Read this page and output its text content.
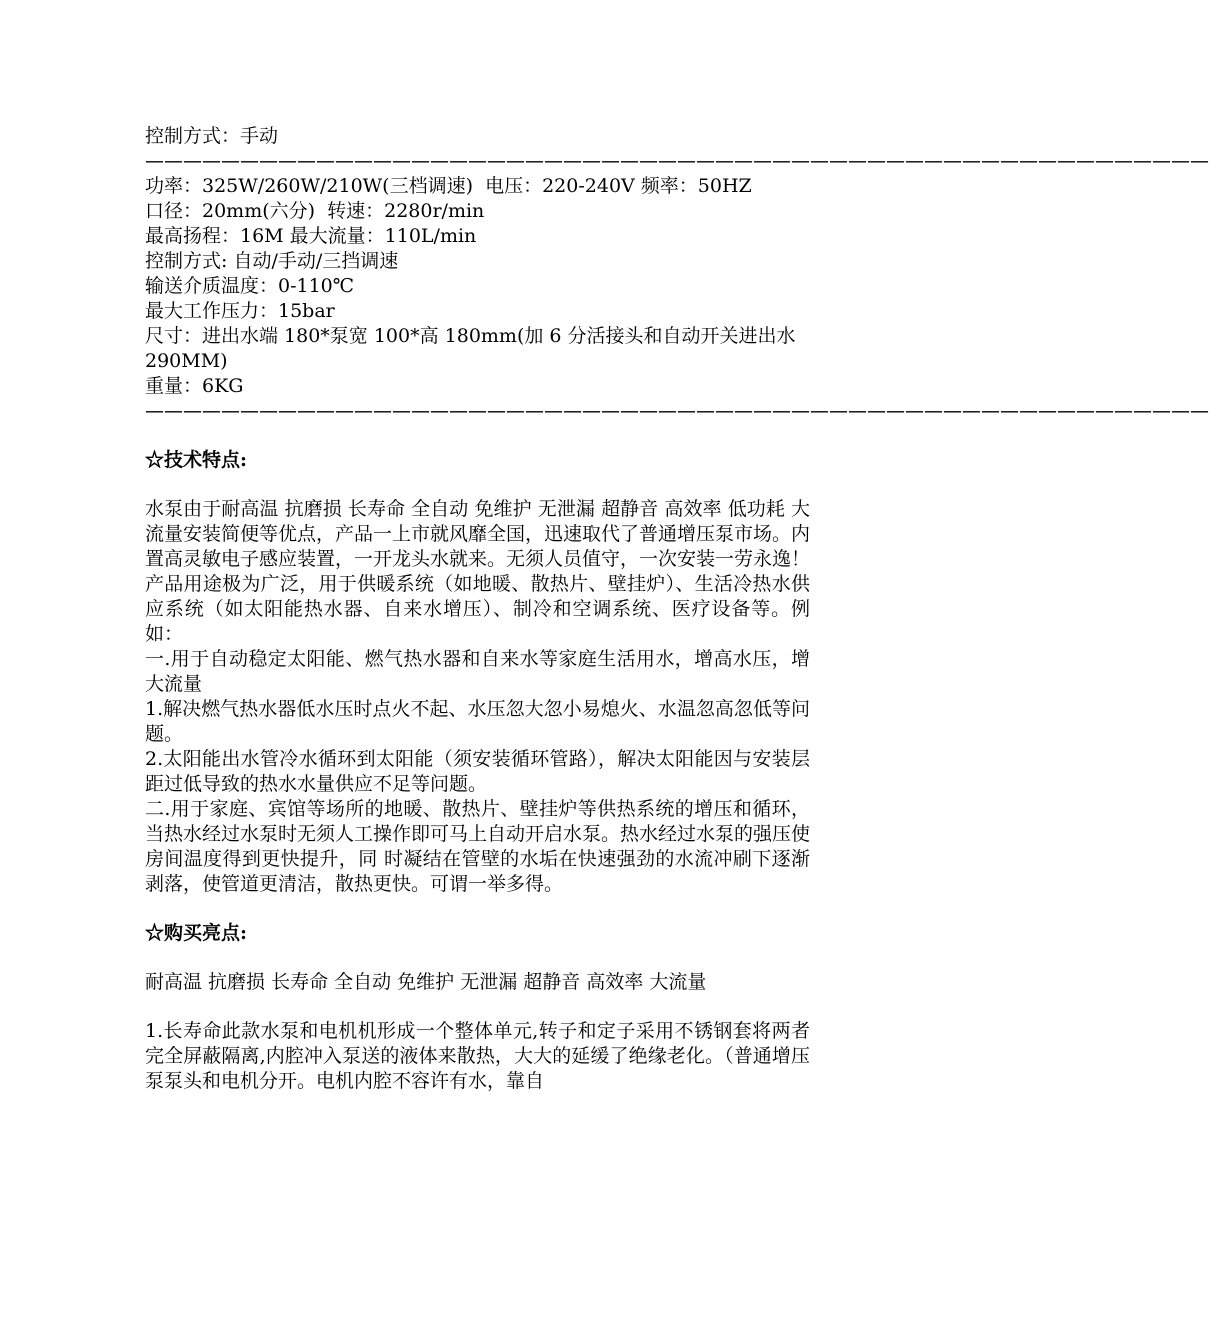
控制方式：手动
————————————————————————————————————————————————————————
功率：325W/260W/210W(三档调速)  电压：220-240V 频率：50HZ
口径：20mm(六分)  转速：2280r/min
最高扬程：16M 最大流量：110L/min
控制方式: 自动/手动/三挡调速
输送介质温度：0-110℃
最大工作压力：15bar
尺寸：进出水端 180*泵宽 100*高 180mm(加 6 分活接头和自动开关进出水 290MM)
重量：6KG
————————————————————————————————————————————————————————
☆技术特点:
水泵由于耐高温 抗磨损 长寿命 全自动 免维护 无泄漏 超静音 高效率 低功耗 大流量安装简便等优点，产品一上市就风靡全国，迅速取代了普通增压泵市场。内置高灵敏电子感应装置，一开龙头水就来。无须人员值守，一次安装一劳永逸！
产品用途极为广泛，用于供暖系统（如地暖、散热片、壁挂炉）、生活冷热水供应系统（如太阳能热水器、自来水增压）、制冷和空调系统、医疗设备等。例如：
一.用于自动稳定太阳能、燃气热水器和自来水等家庭生活用水，增高水压，增大流量
1.解决燃气热水器低水压时点火不起、水压忽大忽小易熄火、水温忽高忽低等问题。
2.太阳能出水管冷水循环到太阳能（须安装循环管路），解决太阳能因与安装层距过低导致的热水水量供应不足等问题。
二.用于家庭、宾馆等场所的地暖、散热片、壁挂炉等供热系统的增压和循环，当热水经过水泵时无须人工操作即可马上自动开启水泵。热水经过水泵的强压使房间温度得到更快提升，同 时凝结在管壁的水垢在快速强劲的水流冲刷下逐渐剥落，使管道更清洁，散热更快。可谓一举多得。
☆购买亮点:
耐高温 抗磨损 长寿命 全自动 免维护 无泄漏 超静音 高效率 大流量
1.长寿命此款水泵和电机机形成一个整体单元,转子和定子采用不锈钢套将两者完全屏蔽隔离,内腔冲入泵送的液体来散热，大大的延缓了绝缘老化。（普通增压泵泵头和电机分开。电机内腔不容许有水，靠自
